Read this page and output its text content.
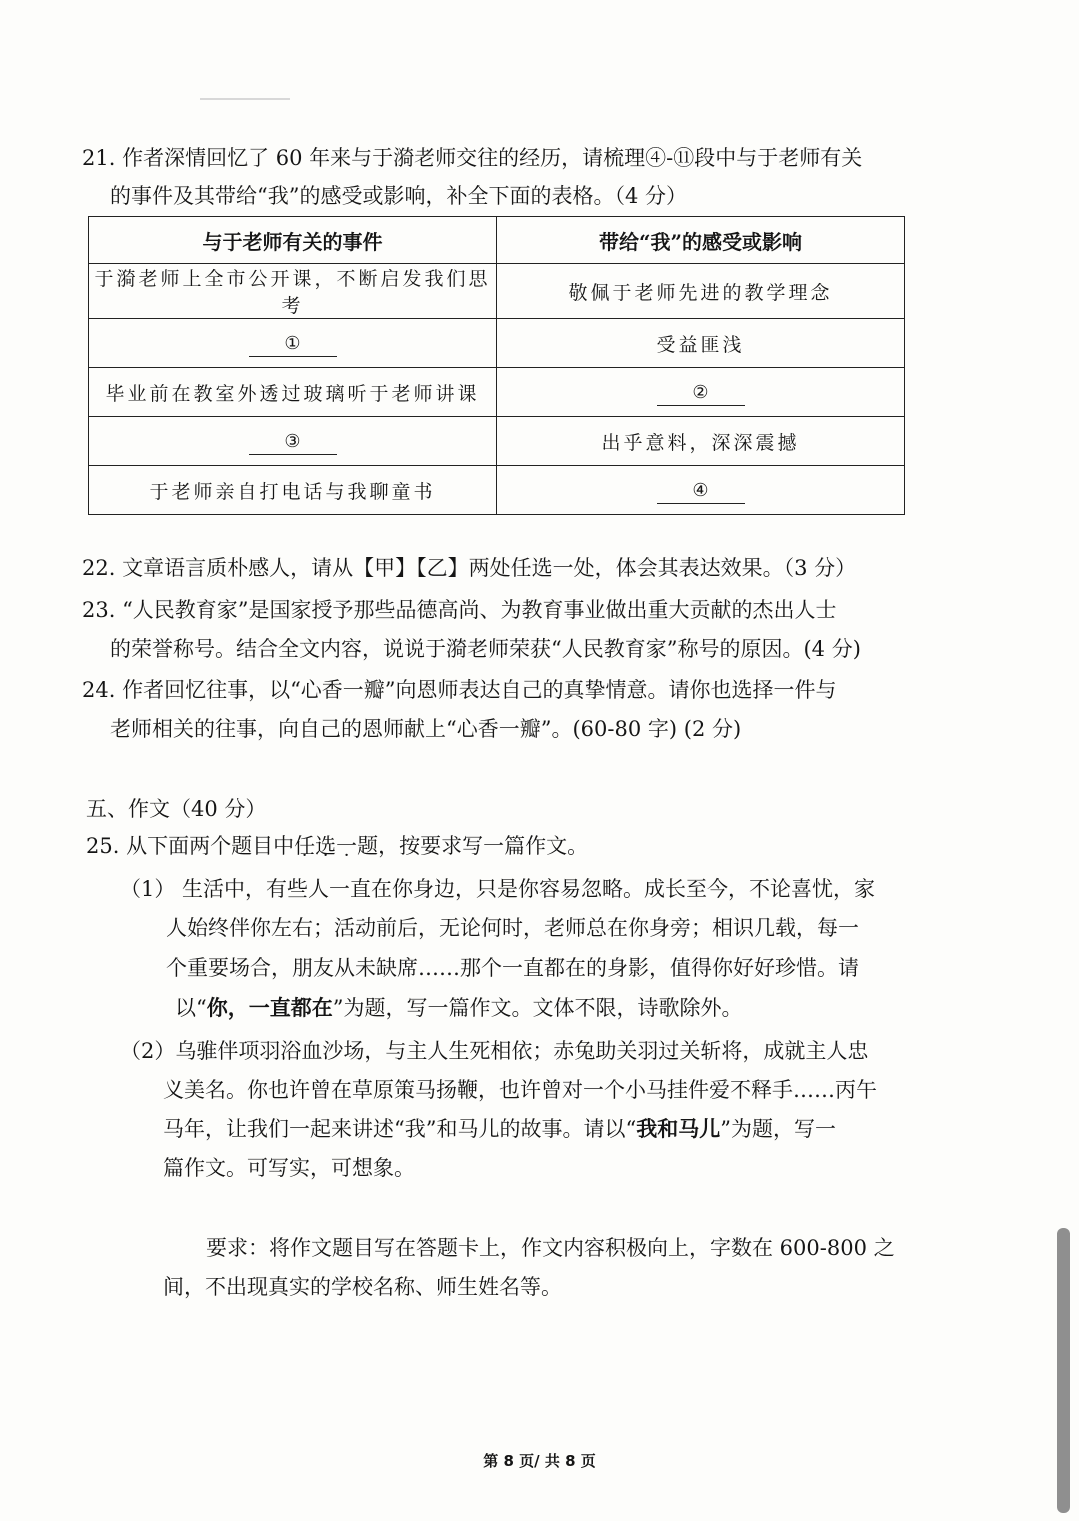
21. 作者深情回忆了 60 年来与于漪老师交往的经历，请梳理④-⑪段中与于老师有关
的事件及其带给“我”的感受或影响，补全下面的表格。（4 分）
与于老师有关的事件	带给“我”的感受或影响
于漪老师上全市公开课，不断启发我们思考	敬佩于老师先进的教学理念
①	受益匪浅
毕业前在教室外透过玻璃听于老师讲课	②
③	出乎意料，深深震撼
于老师亲自打电话与我聊童书	④
22. 文章语言质朴感人，请从【甲】【乙】两处任选一处，体会其表达效果。（3 分）
23. “人民教育家”是国家授予那些品德高尚、为教育事业做出重大贡献的杰出人士
的荣誉称号。结合全文内容，说说于漪老师荣获“人民教育家”称号的原因。(4 分)
24. 作者回忆往事，以“心香一瓣”向恩师表达自己的真挚情意。请你也选择一件与
老师相关的往事，向自己的恩师献上“心香一瓣”。(60-80 字) (2 分)
五、作文（40 分）
25. 从下面两个题目中任选一题，按要求写一篇作文。
（1） 生活中，有些人一直在你身边，只是你容易忽略。成长至今，不论喜忧，家
人始终伴你左右；活动前后，无论何时，老师总在你身旁；相识几载，每一
个重要场合，朋友从未缺席……那个一直都在的身影，值得你好好珍惜。请
以“你，一直都在”为题，写一篇作文。文体不限，诗歌除外。
（2）乌骓伴项羽浴血沙场，与主人生死相依；赤兔助关羽过关斩将，成就主人忠
义美名。你也许曾在草原策马扬鞭，也许曾对一个小马挂件爱不释手……丙午
马年，让我们一起来讲述“我”和马儿的故事。请以“我和马儿”为题，写一
篇作文。可写实，可想象。
要求：将作文题目写在答题卡上，作文内容积极向上，字数在 600-800 之
间，不出现真实的学校名称、师生姓名等。
第 8 页/ 共 8 页
